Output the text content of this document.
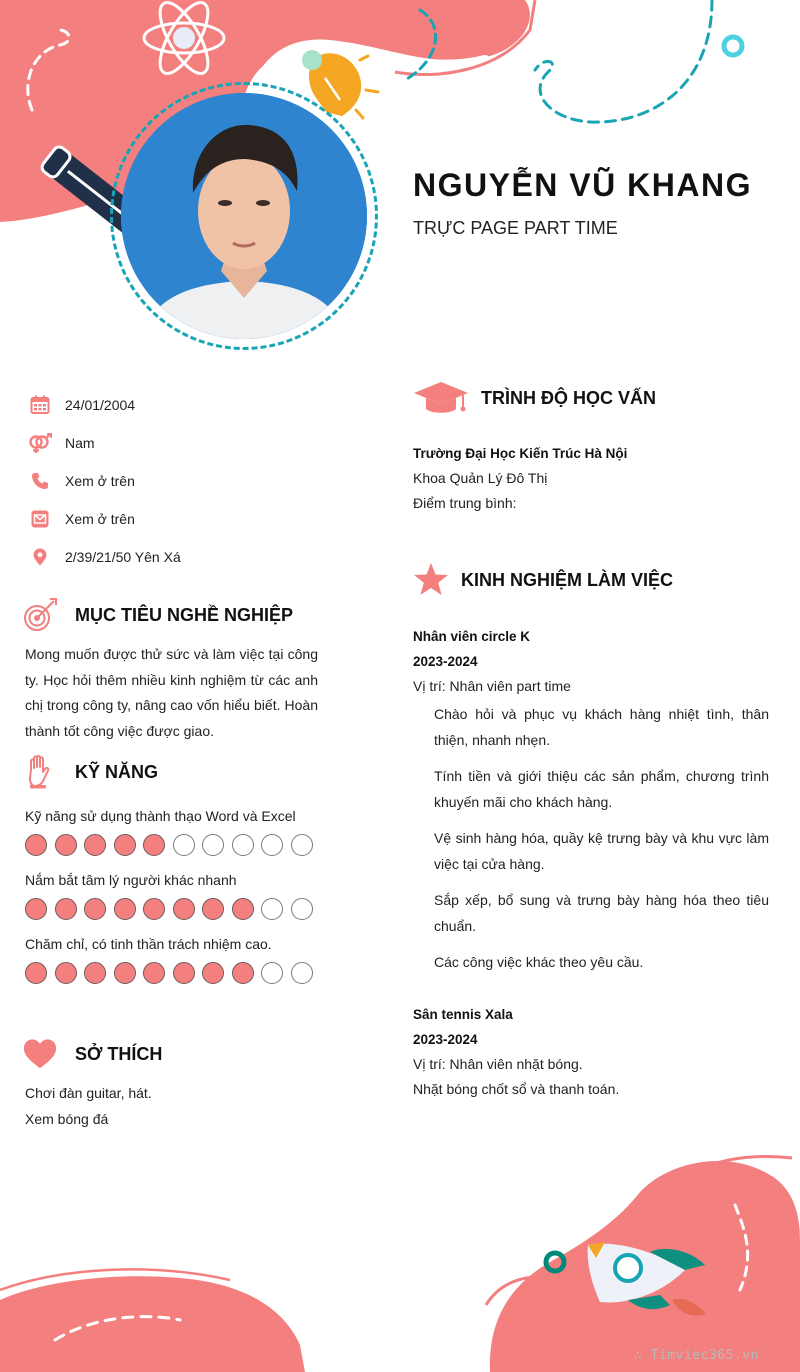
NGUYỄN VŨ KHANG
TRỰC PAGE PART TIME
24/01/2004
Nam
Xem ở trên
Xem ở trên
2/39/21/50 Yên Xá
MỤC TIÊU NGHỀ NGHIỆP
Mong muốn được thử sức và làm việc tại công ty. Học hỏi thêm nhiều kinh nghiệm từ các anh chị trong công ty, nâng cao vốn hiểu biết. Hoàn thành tốt công việc được giao.
KỸ NĂNG
Kỹ năng sử dụng thành thạo Word và Excel
Nắm bắt tâm lý người khác nhanh
Chăm chỉ, có tinh thần trách nhiệm cao.
SỞ THÍCH
Chơi đàn guitar, hát.
Xem bóng đá
TRÌNH ĐỘ HỌC VẤN
Trường Đại Học Kiến Trúc Hà Nội
Khoa Quản Lý Đô Thị
Điểm trung bình:
KINH NGHIỆM LÀM VIỆC
Nhân viên circle K
2023-2024
Vị trí: Nhân viên part time
Chào hỏi và phục vụ khách hàng nhiệt tình, thân thiện, nhanh nhẹn.
Tính tiền và giới thiệu các sản phẩm, chương trình khuyến mãi cho khách hàng.
Vệ sinh hàng hóa, quầy kệ trưng bày và khu vực làm việc tại cửa hàng.
Sắp xếp, bổ sung và trưng bày hàng hóa theo tiêu chuẩn.
Các công việc khác theo yêu cầu.
Sân tennis Xala
2023-2024
Vị trí: Nhân viên nhặt bóng.
Nhặt bóng chốt sổ và thanh toán.
∴ Timviec365.vn
